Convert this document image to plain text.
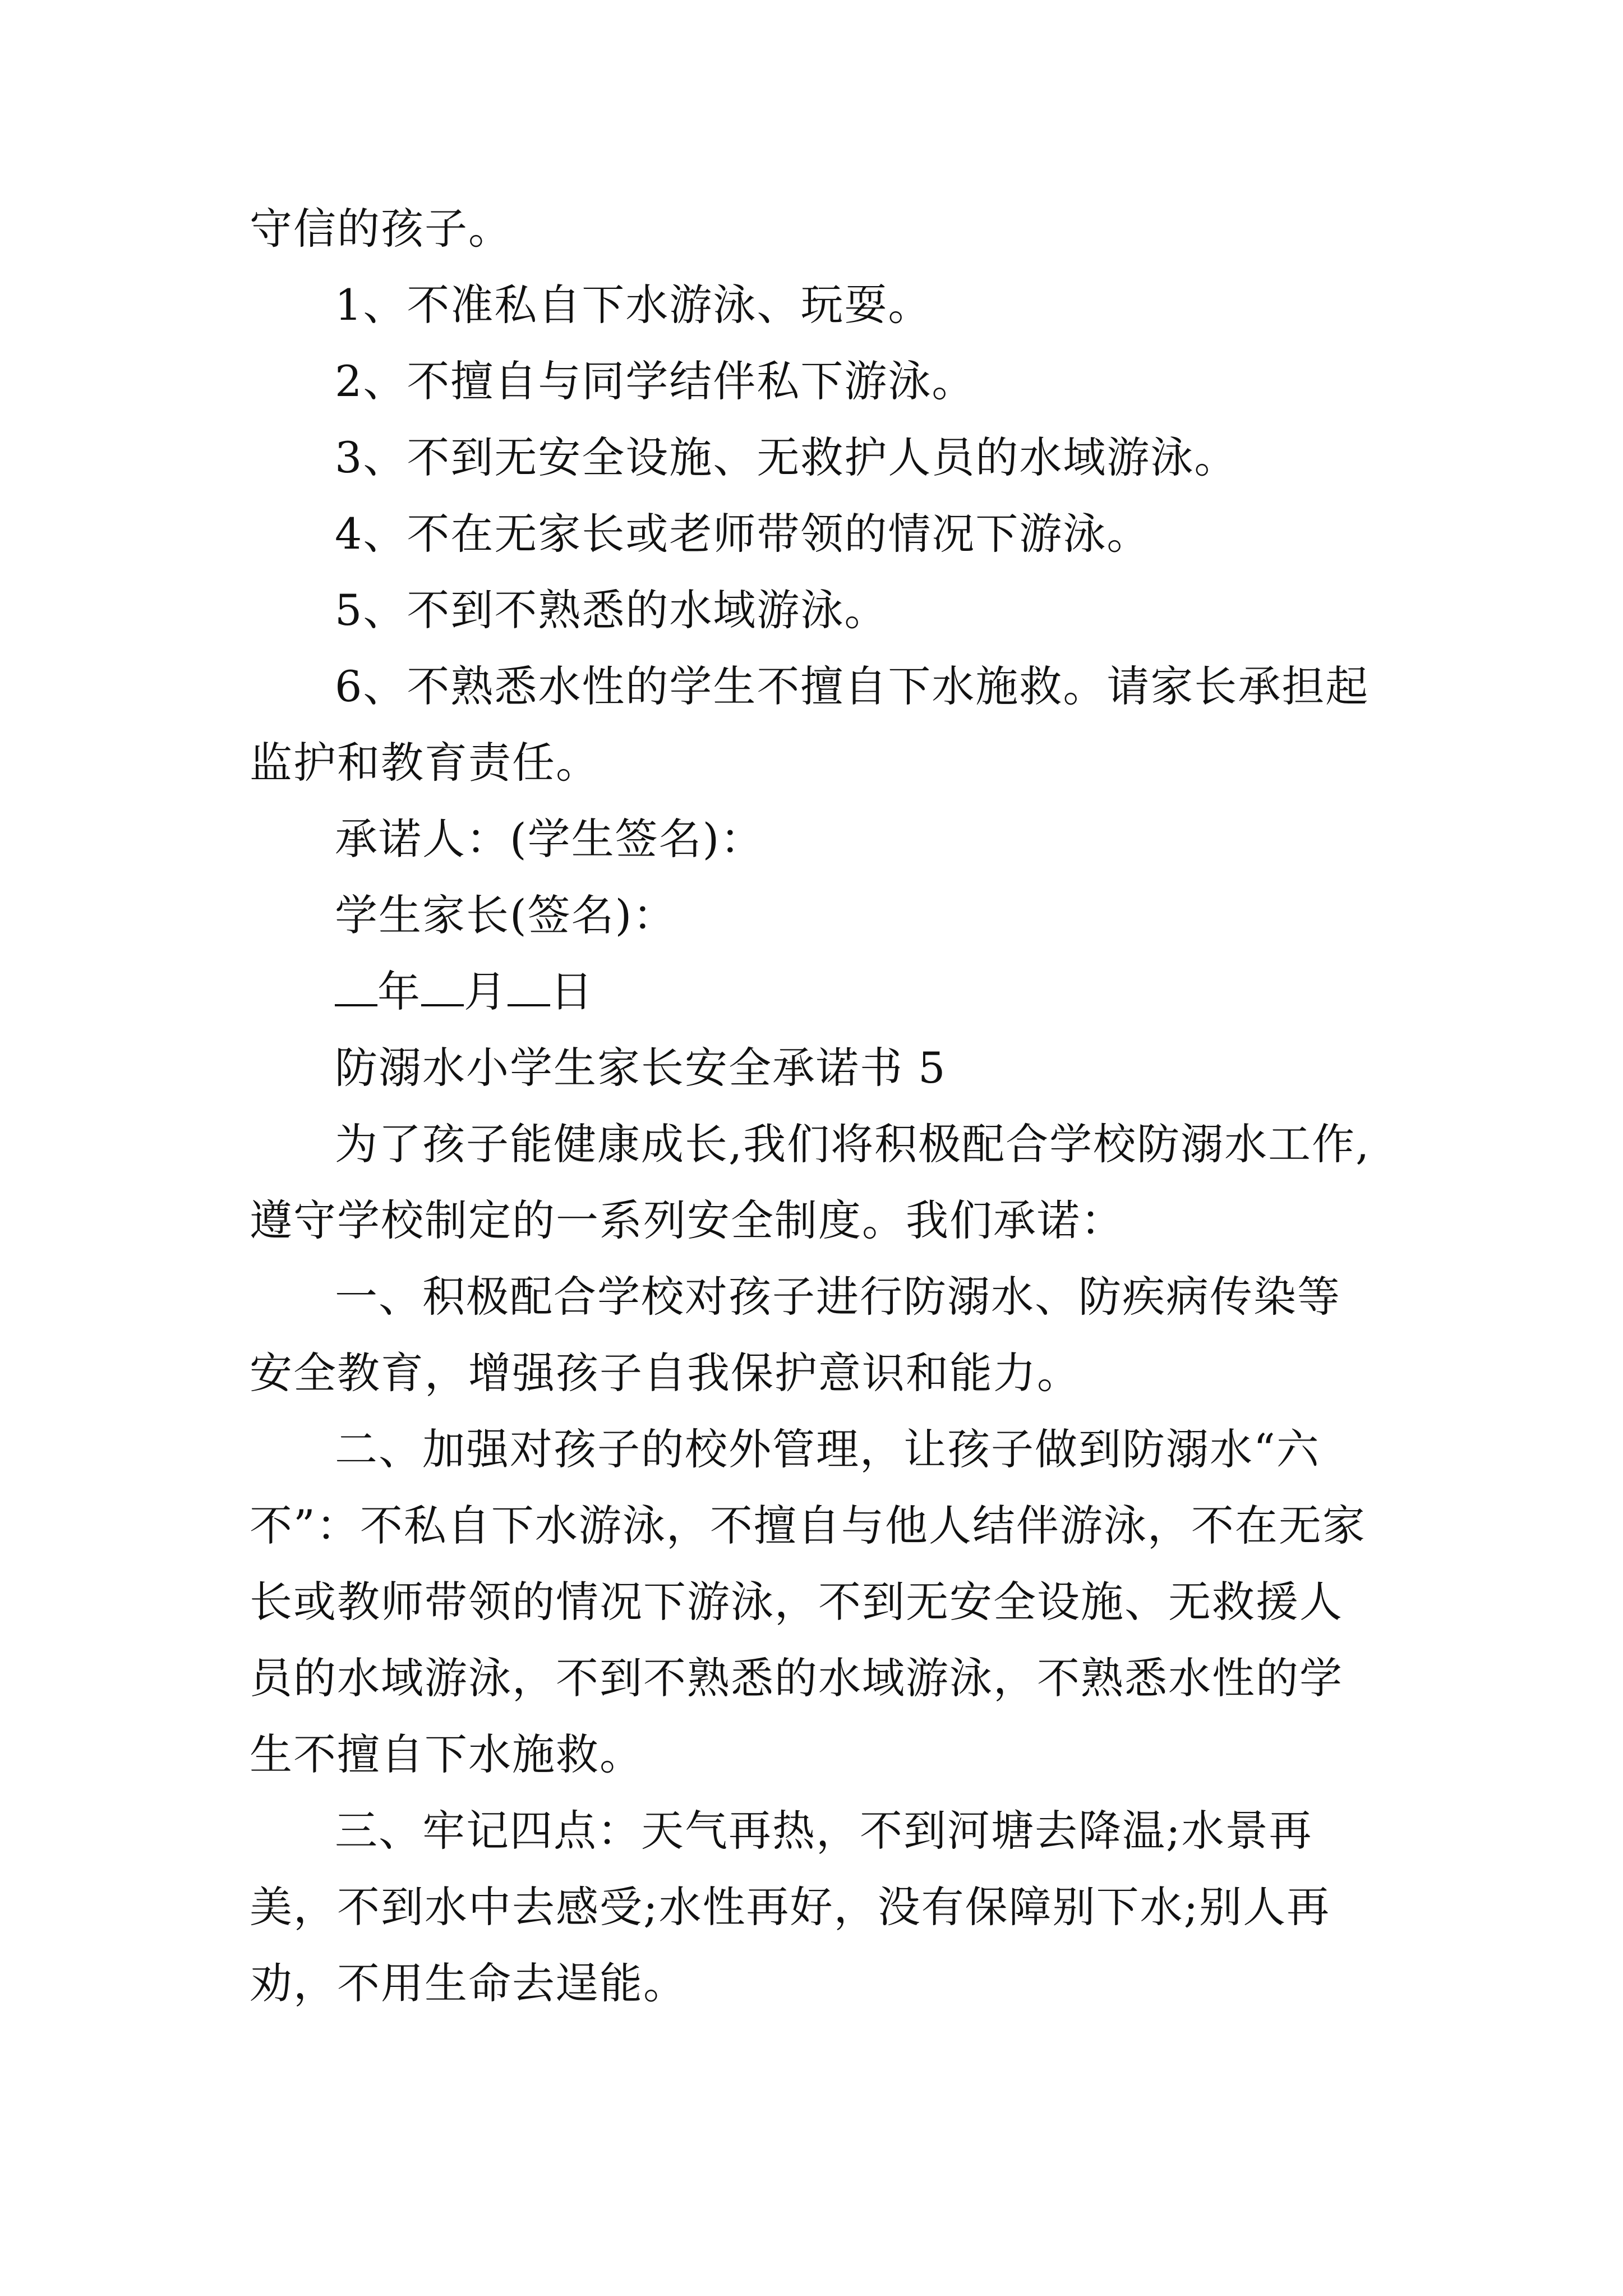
守信的孩子。

1、不准私自下水游泳、玩耍。

2、不擅自与同学结伴私下游泳。

3、不到无安全设施、无救护人员的水域游泳。

4、不在无家长或老师带领的情况下游泳。

5、不到不熟悉的水域游泳。

6、不熟悉水性的学生不擅自下水施救。请家长承担起监护和教育责任。

承诺人：(学生签名)：

学生家长(签名)：

年 月 日

防溺水小学生家长安全承诺书 5

为了孩子能健康成长,我们将积极配合学校防溺水工作,遵守学校制定的一系列安全制度。我们承诺：

一、积极配合学校对孩子进行防溺水、防疾病传染等安全教育，增强孩子自我保护意识和能力。

二、加强对孩子的校外管理，让孩子做到防溺水“六不”：不私自下水游泳，不擅自与他人结伴游泳，不在无家长或教师带领的情况下游泳，不到无安全设施、无救援人员的水域游泳，不到不熟悉的水域游泳，不熟悉水性的学生不擅自下水施救。

三、牢记四点：天气再热，不到河塘去降温;水景再美，不到水中去感受;水性再好，没有保障别下水;别人再劝，不用生命去逞能。
